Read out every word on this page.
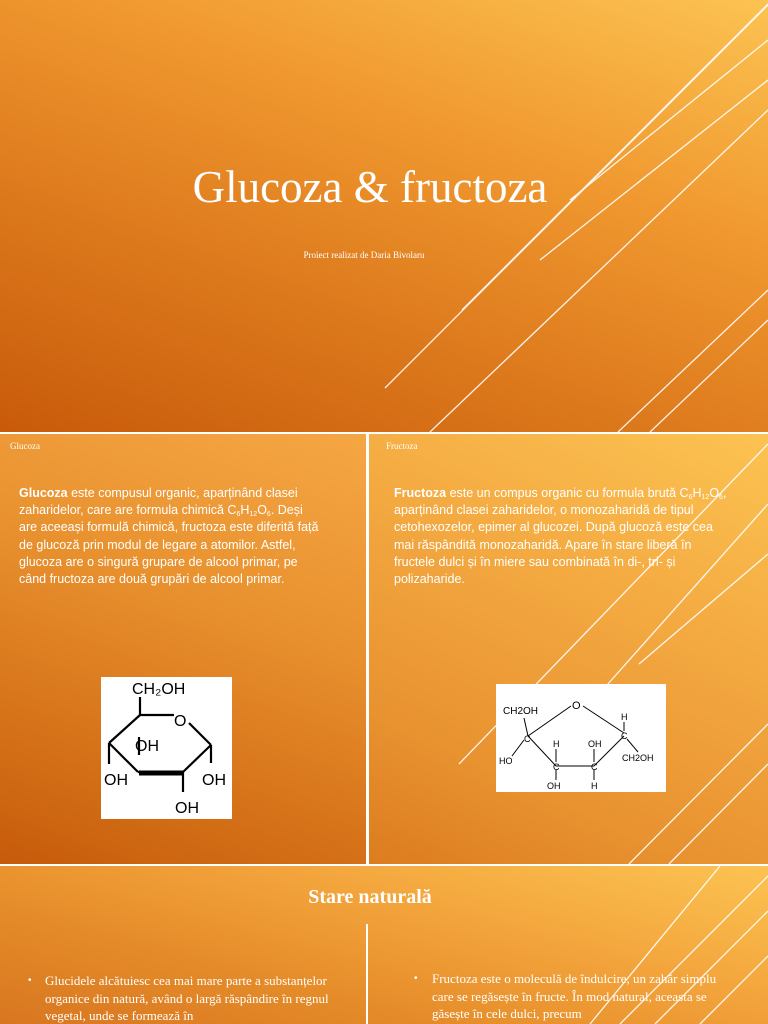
Glucoza & fructoza
Proiect realizat de Daria Bivolaru
Glucoza
Glucoza este compusul organic, aparținând clasei zaharidelor, care are formula chimică $C_6H_{12}O_6$. Deși are aceeași formulă chimică, fructoza este diferită față de glucoză prin modul de legare a atomilor. Astfel, glucoza are o singură grupare de alcool primar, pe când fructoza are două grupări de alcool primar.
CH₂OH
O
OH
OH	OH
OH
Fructoza
Fructoza este un compus organic cu formula brută $C_6H_{12}O_6$, aparținând clasei zaharidelor, o monozaharidă de tipul cetohexozelor, epimer al glucozei. După glucoză este cea mai răspândită monozaharidă. Apare în stare liberă în fructele dulci și în miere sau combinată în di-, tri- și polizaharide.
CH2OH	O
H
C	C
HO
H	OH
C	C
CH2OH
OH	H
Stare naturală
• Glucidele alcătuiesc cea mai mare parte a substanțelor organice din natură, având o largă răspândire în regnul vegetal, unde se formează în
• Fructoza este o moleculă de îndulcire, un zahăr simplu care se regăsește în fructe. În mod natural, aceasta se găsește în cele dulci, precum
